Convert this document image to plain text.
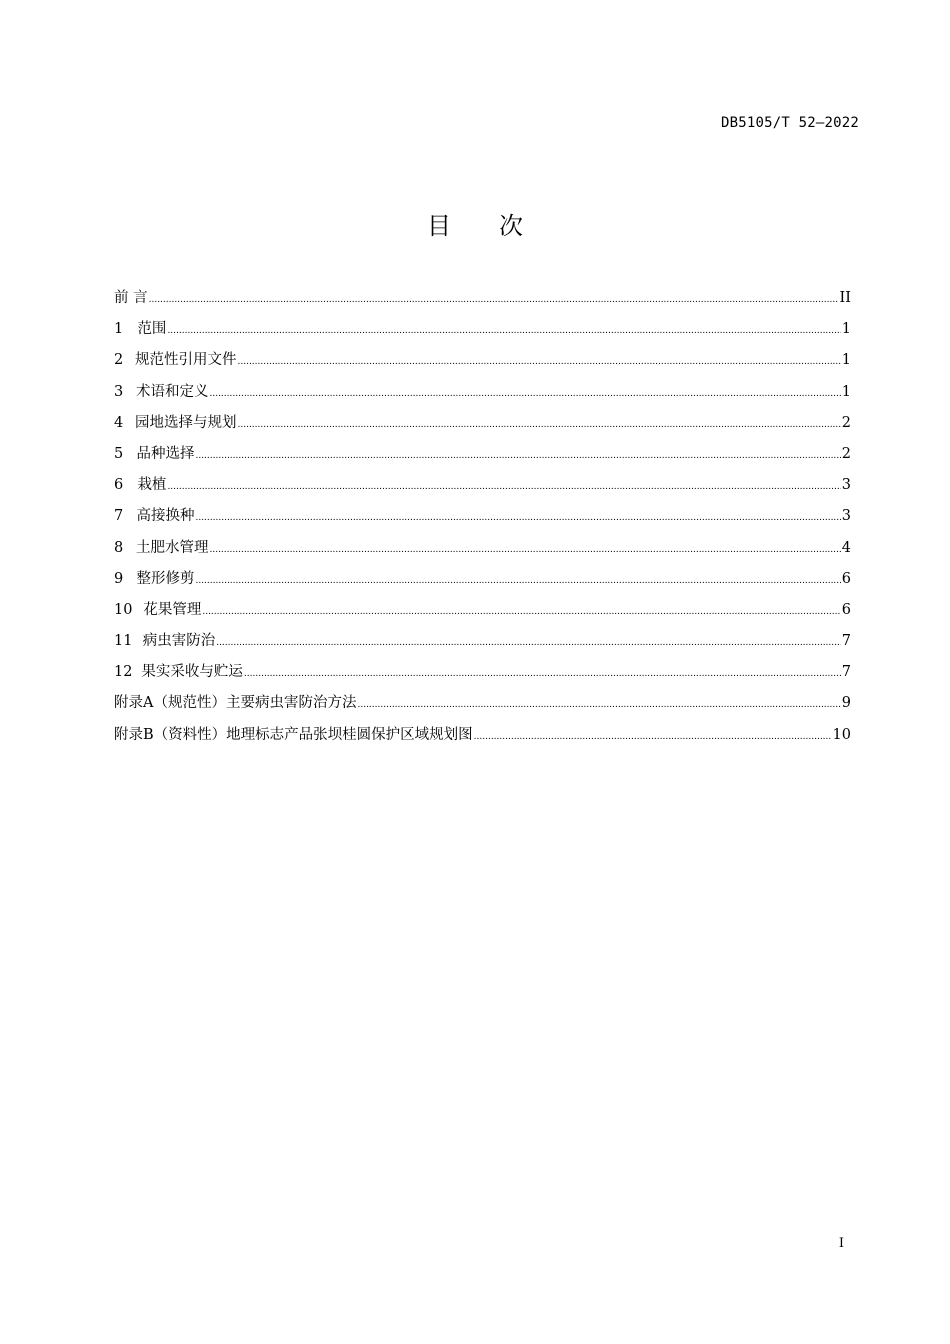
DB5105/T 52—2022
目次
前 言 .....	II
1 范围 .....	1
2 规范性引用文件 .....	1
3 术语和定义 .....	1
4 园地选择与规划 .....	2
5 品种选择 .....	2
6 栽植 .....	3
7 高接换种 .....	3
8 土肥水管理 .....	4
9 整形修剪 .....	6
10 花果管理 .....	6
11 病虫害防治 .....	7
12 果实采收与贮运 .....	7
附录A（规范性） 主要病虫害防治方法 .....	9
附录B（资料性） 地理标志产品张坝桂圆保护区域规划图 .....	10
I
